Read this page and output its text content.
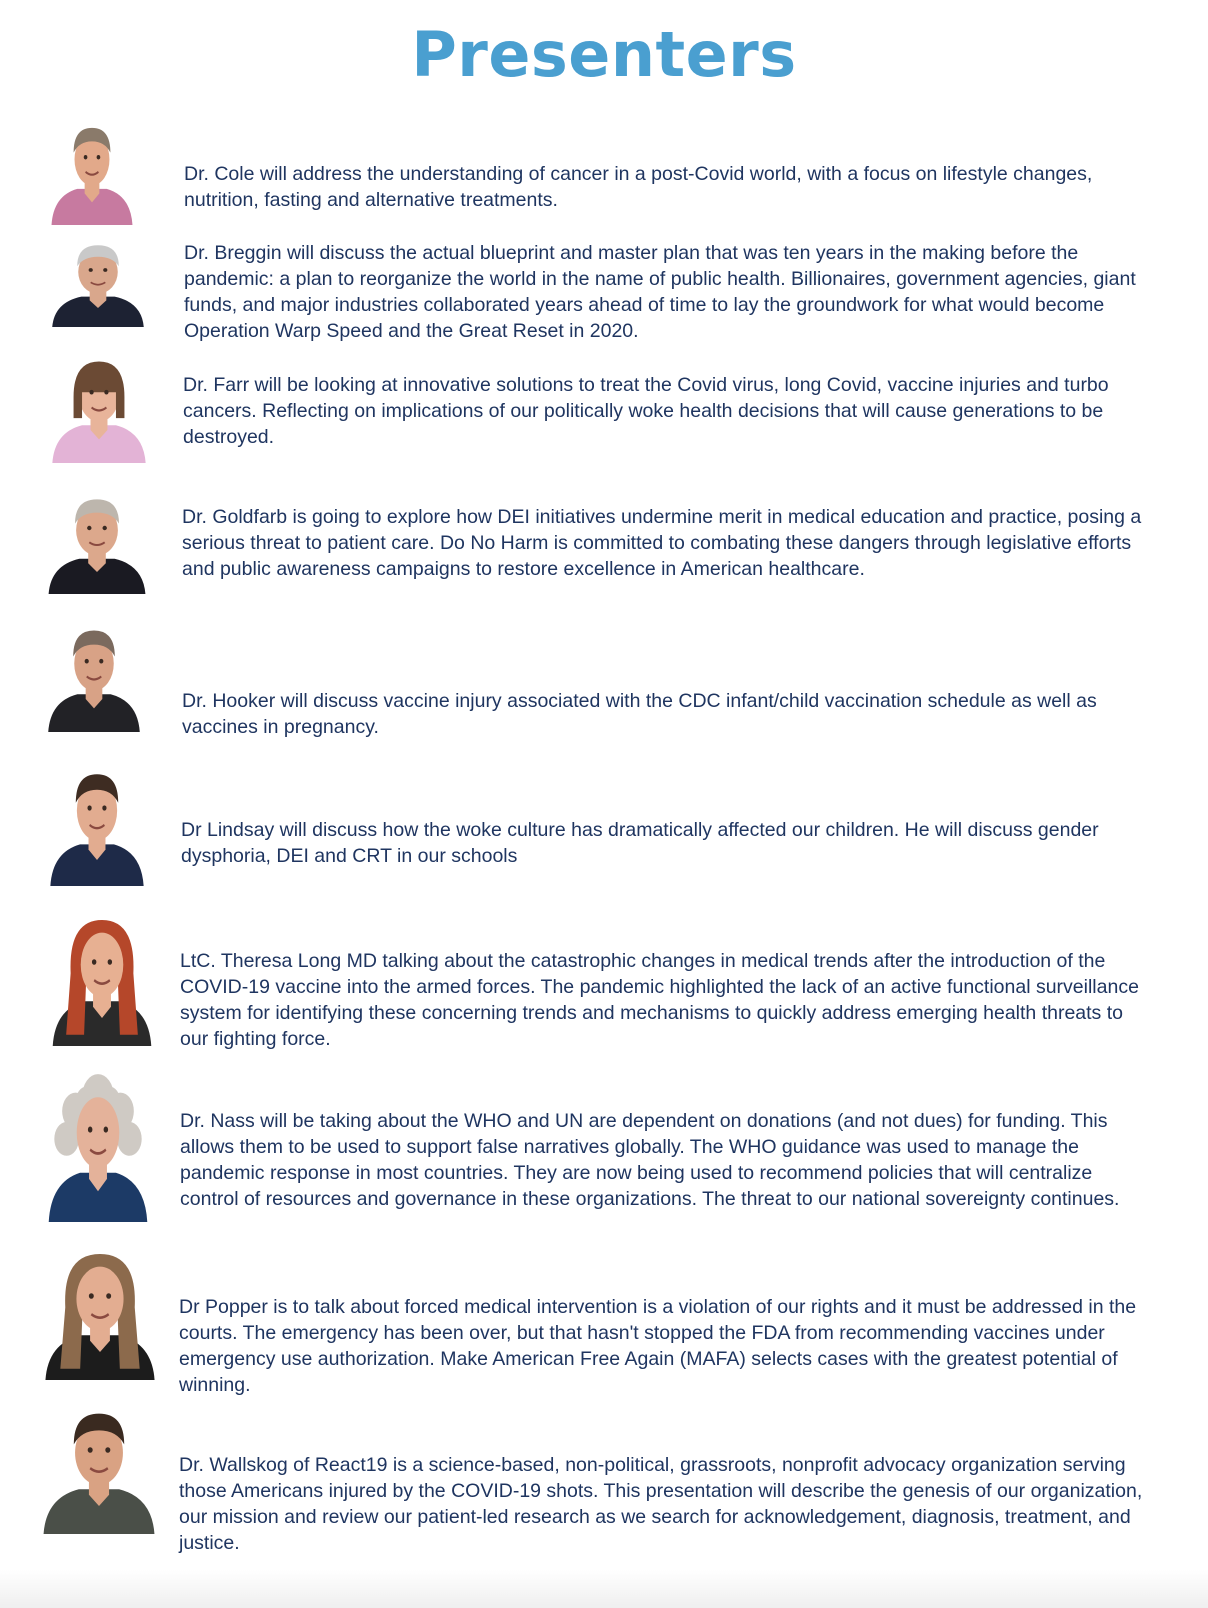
Presenters

Dr. Cole will address the understanding of cancer in a post-Covid world, with a focus on lifestyle changes, nutrition, fasting and alternative treatments.

Dr. Breggin will discuss the actual blueprint and master plan that was ten years in the making before the pandemic: a plan to reorganize the world in the name of public health. Billionaires, government agencies, giant funds, and major industries collaborated years ahead of time to lay the groundwork for what would become Operation Warp Speed and the Great Reset in 2020.

Dr. Farr will be looking at innovative solutions to treat the Covid virus, long Covid, vaccine injuries and turbo cancers. Reflecting on implications of our politically woke health decisions that will cause generations to be destroyed.

Dr. Goldfarb is going to explore how DEI initiatives undermine merit in medical education and practice, posing a serious threat to patient care. Do No Harm is committed to combating these dangers through legislative efforts and public awareness campaigns to restore excellence in American healthcare.

Dr. Hooker will discuss vaccine injury associated with the CDC infant/child vaccination schedule as well as vaccines in pregnancy.

Dr Lindsay will discuss how the woke culture has dramatically affected our children. He will discuss gender dysphoria, DEI and CRT in our schools

LtC. Theresa Long MD talking about the catastrophic changes in medical trends after the introduction of the COVID-19 vaccine into the armed forces. The pandemic highlighted the lack of an active functional surveillance system for identifying these concerning trends and mechanisms to quickly address emerging health threats to our fighting force.

Dr. Nass will be taking about the WHO and UN are dependent on donations (and not dues) for funding. This allows them to be used to support false narratives globally. The WHO guidance was used to manage the pandemic response in most countries. They are now being used to recommend policies that will centralize control of resources and governance in these organizations. The threat to our national sovereignty continues.

Dr Popper is to talk about forced medical intervention is a violation of our rights and it must be addressed in the courts. The emergency has been over, but that hasn't stopped the FDA from recommending vaccines under emergency use authorization. Make American Free Again (MAFA) selects cases with the greatest potential of winning.

Dr. Wallskog of React19 is a science-based, non-political, grassroots, nonprofit advocacy organization serving those Americans injured by the COVID-19 shots. This presentation will describe the genesis of our organization, our mission and review our patient-led research as we search for acknowledgement, diagnosis, treatment, and justice.
